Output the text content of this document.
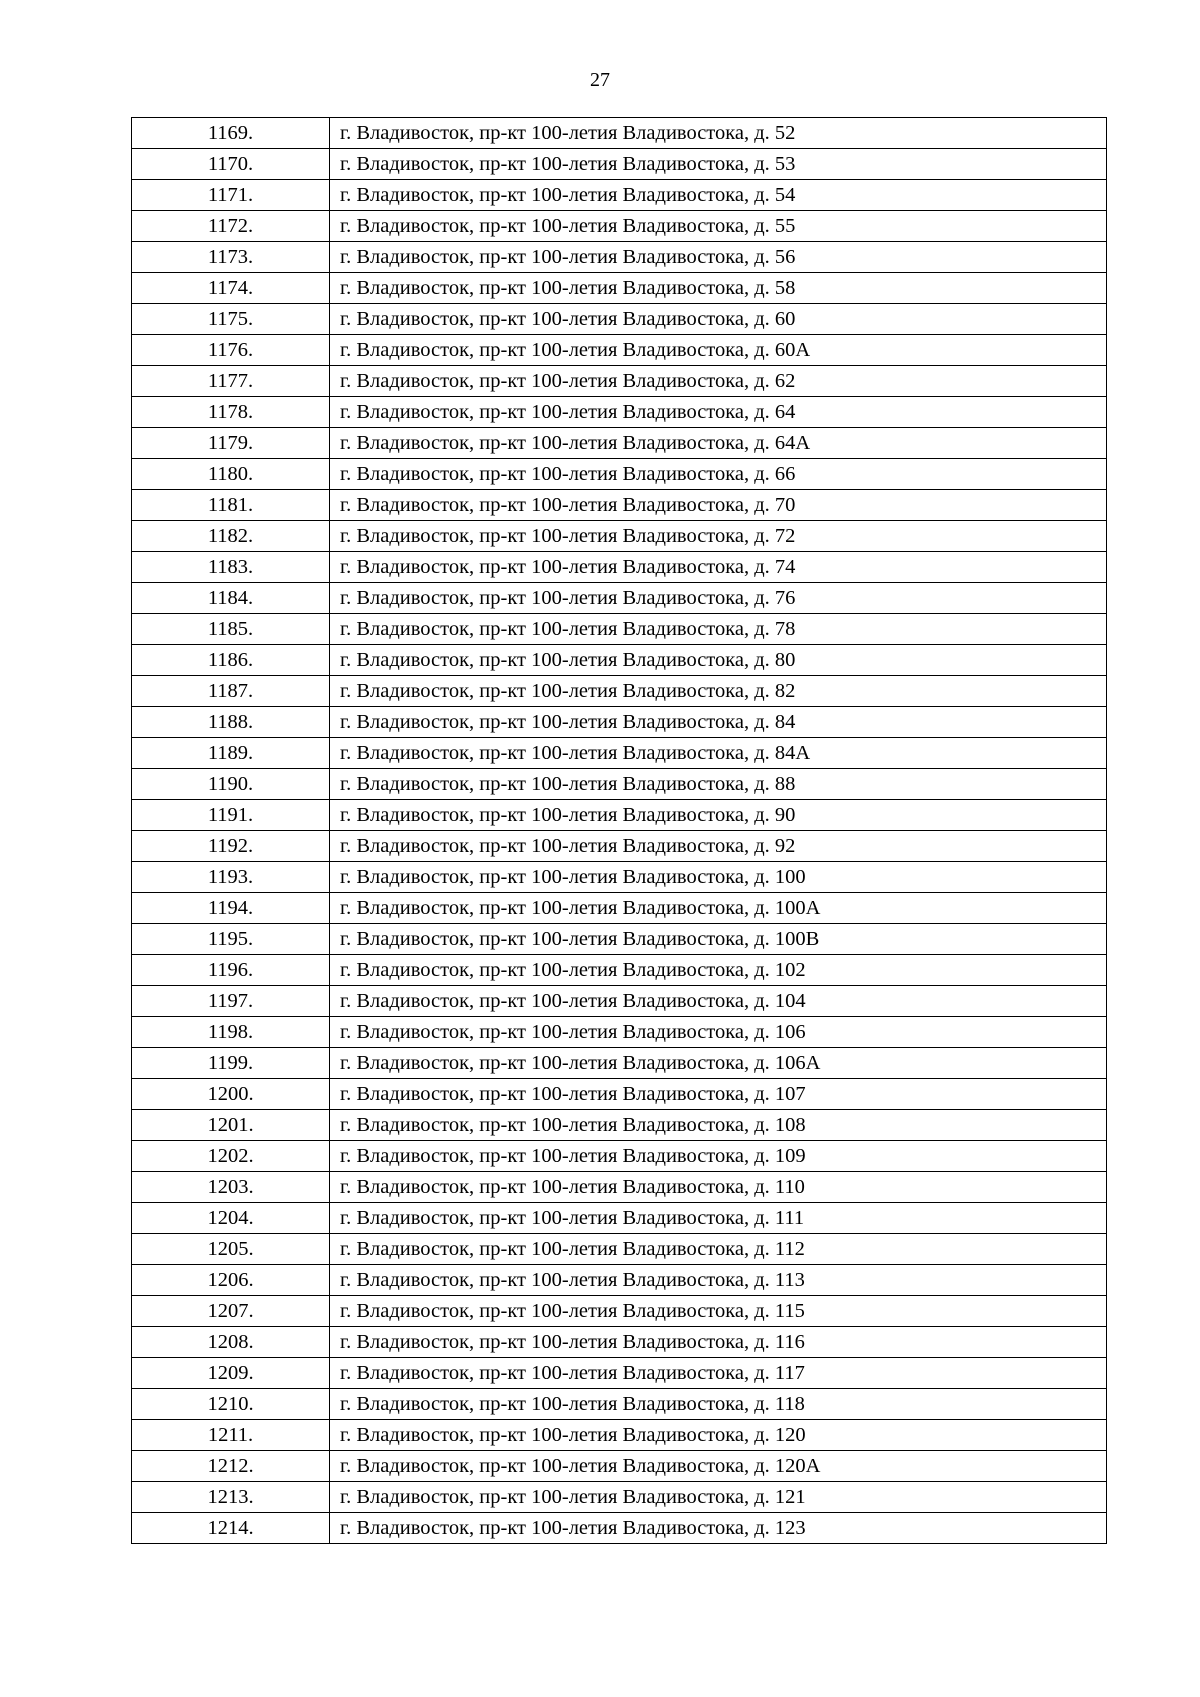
27
1169.	г. Владивосток, пр-кт 100-летия Владивостока, д. 52
1170.	г. Владивосток, пр-кт 100-летия Владивостока, д. 53
1171.	г. Владивосток, пр-кт 100-летия Владивостока, д. 54
1172.	г. Владивосток, пр-кт 100-летия Владивостока, д. 55
1173.	г. Владивосток, пр-кт 100-летия Владивостока, д. 56
1174.	г. Владивосток, пр-кт 100-летия Владивостока, д. 58
1175.	г. Владивосток, пр-кт 100-летия Владивостока, д. 60
1176.	г. Владивосток, пр-кт 100-летия Владивостока, д. 60А
1177.	г. Владивосток, пр-кт 100-летия Владивостока, д. 62
1178.	г. Владивосток, пр-кт 100-летия Владивостока, д. 64
1179.	г. Владивосток, пр-кт 100-летия Владивостока, д. 64А
1180.	г. Владивосток, пр-кт 100-летия Владивостока, д. 66
1181.	г. Владивосток, пр-кт 100-летия Владивостока, д. 70
1182.	г. Владивосток, пр-кт 100-летия Владивостока, д. 72
1183.	г. Владивосток, пр-кт 100-летия Владивостока, д. 74
1184.	г. Владивосток, пр-кт 100-летия Владивостока, д. 76
1185.	г. Владивосток, пр-кт 100-летия Владивостока, д. 78
1186.	г. Владивосток, пр-кт 100-летия Владивостока, д. 80
1187.	г. Владивосток, пр-кт 100-летия Владивостока, д. 82
1188.	г. Владивосток, пр-кт 100-летия Владивостока, д. 84
1189.	г. Владивосток, пр-кт 100-летия Владивостока, д. 84А
1190.	г. Владивосток, пр-кт 100-летия Владивостока, д. 88
1191.	г. Владивосток, пр-кт 100-летия Владивостока, д. 90
1192.	г. Владивосток, пр-кт 100-летия Владивостока, д. 92
1193.	г. Владивосток, пр-кт 100-летия Владивостока, д. 100
1194.	г. Владивосток, пр-кт 100-летия Владивостока, д. 100А
1195.	г. Владивосток, пр-кт 100-летия Владивостока, д. 100В
1196.	г. Владивосток, пр-кт 100-летия Владивостока, д. 102
1197.	г. Владивосток, пр-кт 100-летия Владивостока, д. 104
1198.	г. Владивосток, пр-кт 100-летия Владивостока, д. 106
1199.	г. Владивосток, пр-кт 100-летия Владивостока, д. 106А
1200.	г. Владивосток, пр-кт 100-летия Владивостока, д. 107
1201.	г. Владивосток, пр-кт 100-летия Владивостока, д. 108
1202.	г. Владивосток, пр-кт 100-летия Владивостока, д. 109
1203.	г. Владивосток, пр-кт 100-летия Владивостока, д. 110
1204.	г. Владивосток, пр-кт 100-летия Владивостока, д. 111
1205.	г. Владивосток, пр-кт 100-летия Владивостока, д. 112
1206.	г. Владивосток, пр-кт 100-летия Владивостока, д. 113
1207.	г. Владивосток, пр-кт 100-летия Владивостока, д. 115
1208.	г. Владивосток, пр-кт 100-летия Владивостока, д. 116
1209.	г. Владивосток, пр-кт 100-летия Владивостока, д. 117
1210.	г. Владивосток, пр-кт 100-летия Владивостока, д. 118
1211.	г. Владивосток, пр-кт 100-летия Владивостока, д. 120
1212.	г. Владивосток, пр-кт 100-летия Владивостока, д. 120А
1213.	г. Владивосток, пр-кт 100-летия Владивостока, д. 121
1214.	г. Владивосток, пр-кт 100-летия Владивостока, д. 123
